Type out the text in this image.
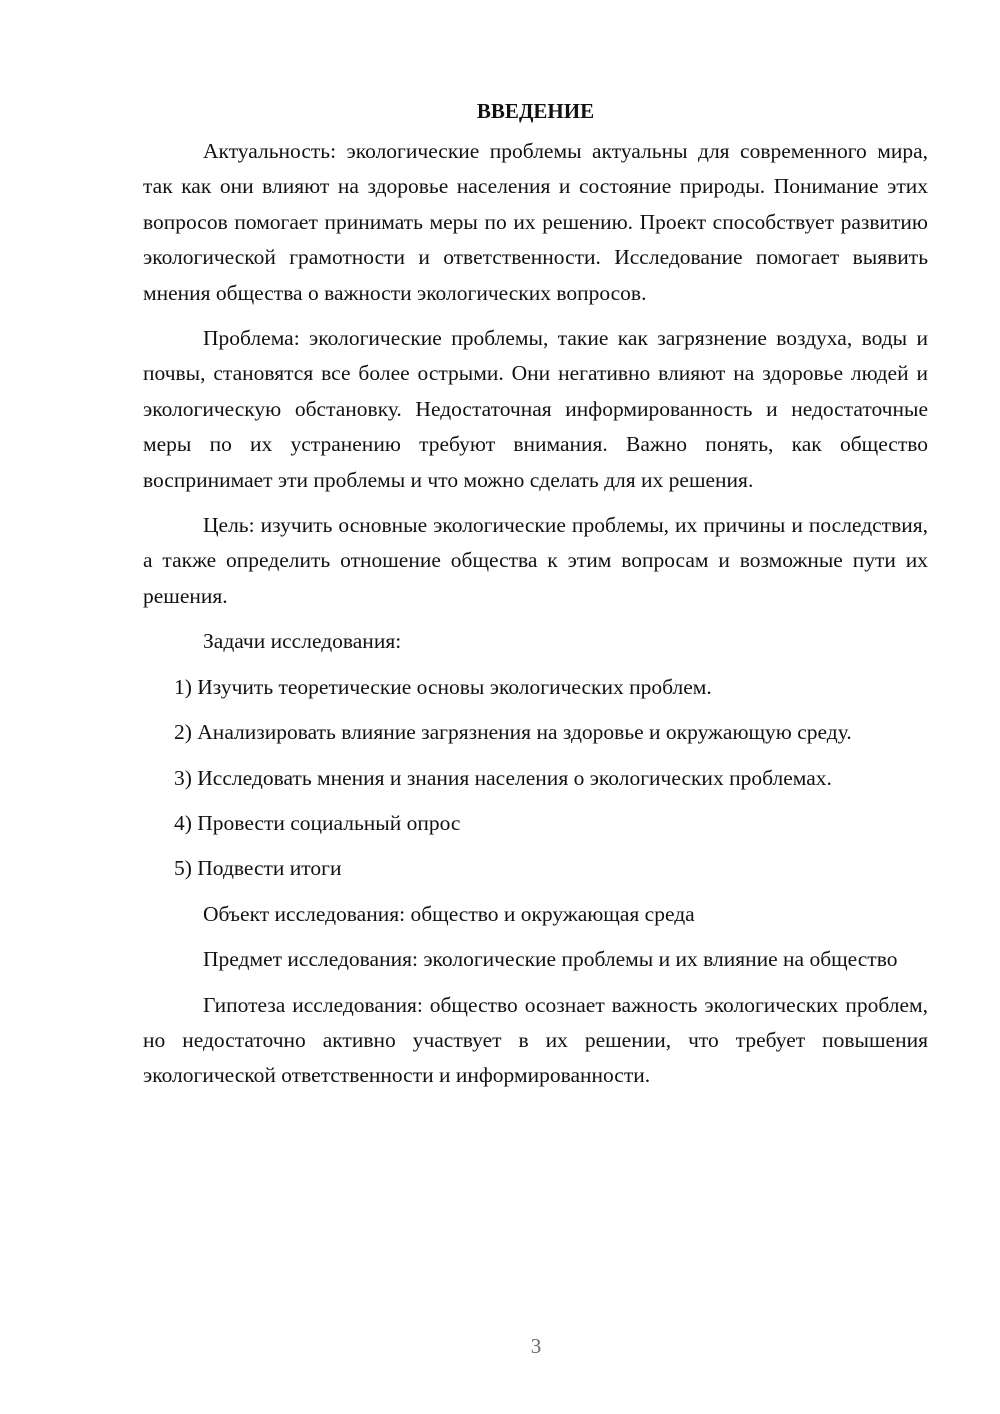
ВВЕДЕНИЕ

Актуальность: экологические проблемы актуальны для современного мира, так как они влияют на здоровье населения и состояние природы. Понимание этих вопросов помогает принимать меры по их решению. Проект способствует развитию экологической грамотности и ответственности. Исследование помогает выявить мнения общества о важности экологических вопросов.

Проблема: экологические проблемы, такие как загрязнение воздуха, воды и почвы, становятся все более острыми. Они негативно влияют на здоровье людей и экологическую обстановку. Недостаточная информированность и недостаточные меры по их устранению требуют внимания. Важно понять, как общество воспринимает эти проблемы и что можно сделать для их решения.

Цель: изучить основные экологические проблемы, их причины и последствия, а также определить отношение общества к этим вопросам и возможные пути их решения.

Задачи исследования:

1) Изучить теоретические основы экологических проблем.

2) Анализировать влияние загрязнения на здоровье и окружающую среду.

3) Исследовать мнения и знания населения о экологических проблемах.

4) Провести социальный опрос

5) Подвести итоги

Объект исследования: общество и окружающая среда

Предмет исследования: экологические проблемы и их влияние на общество

Гипотеза исследования: общество осознает важность экологических проблем, но недостаточно активно участвует в их решении, что требует повышения экологической ответственности и информированности.

3
